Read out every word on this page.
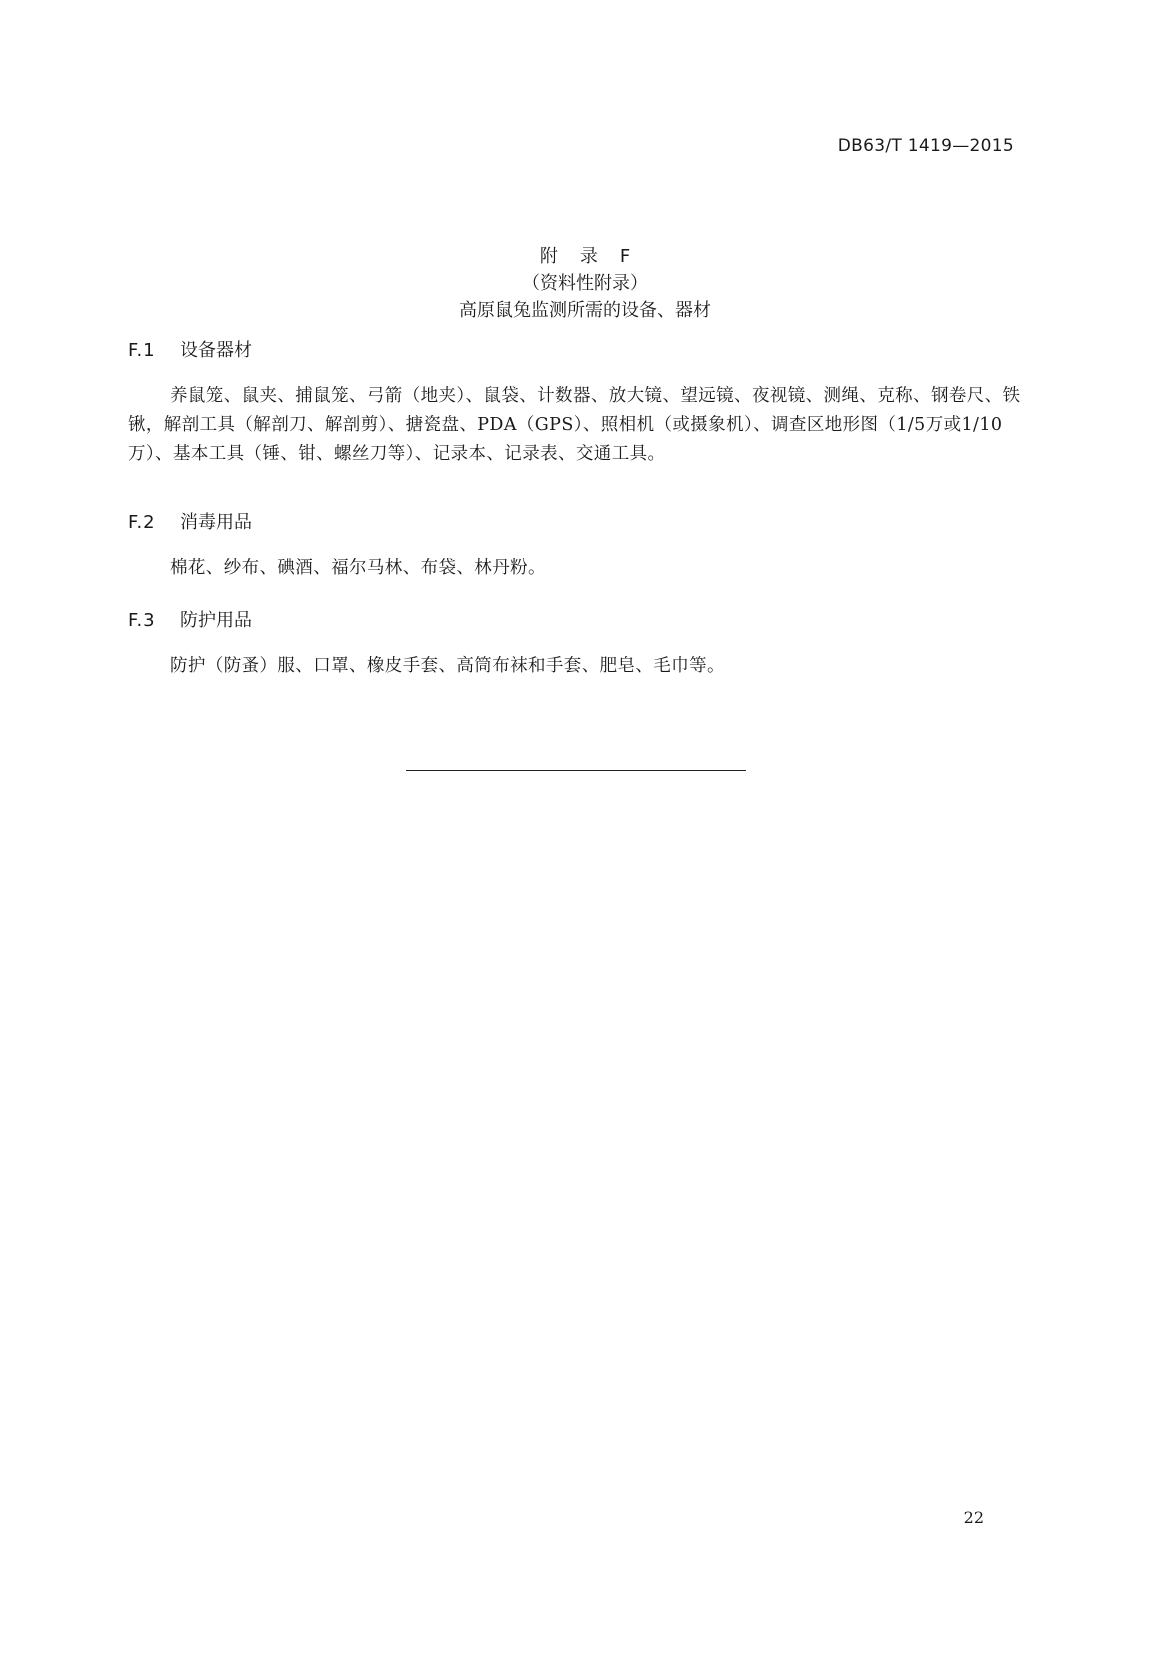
DB63/T 1419—2015
附 录 F
（资料性附录）
高原鼠兔监测所需的设备、器材
F.1 设备器材
养鼠笼、鼠夹、捕鼠笼、弓箭（地夹）、鼠袋、计数器、放大镜、望远镜、夜视镜、测绳、克称、钢卷尺、铁锹，解剖工具（解剖刀、解剖剪）、搪瓷盘、PDA（GPS）、照相机（或摄象机）、调查区地形图（1/5万或1/10万）、基本工具（锤、钳、螺丝刀等）、记录本、记录表、交通工具。
F.2 消毒用品
棉花、纱布、碘酒、福尔马林、布袋、林丹粉。
F.3 防护用品
防护（防蚤）服、口罩、橡皮手套、高筒布袜和手套、肥皂、毛巾等。
22
